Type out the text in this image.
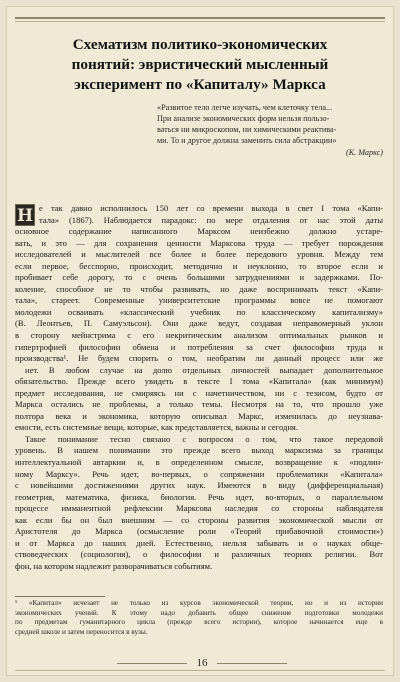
Схематизм политико-экономических
понятий: эвристический мысленный
эксперимент по «Капиталу» Маркса
«Развитое тело легче изучать, чем клеточку тела...
При анализе экономических форм нельзя пользо-
ваться ни микроскопом, ни химическими реактива-
ми. То и другое должна заменить сила абстракции»
(К. Маркс)
Н е так давно исполнилось 150 лет со времени выхода в свет I тома «Капи-
тала» (1867). Наблюдается парадокс: по мере отдаления от нас этой даты
основное содержание написанного Марксом неизбежно должно устаре-
вать, и это — для сохранения ценности Марксова труда — требует порождения
исследователей и мыслителей все более и более передового уровня. Между тем
если первое, бесспорно, происходит, методично и неуклонно, то второе если и
пробивает себе дорогу, то с очень большими затруднениями и задержками. По-
коление, способное не то чтобы развивать, но даже воспринимать текст «Капи-
тала», стареет. Современные университетские программы вовсе не помогают
молодежи осваивать «классический учебник по классическому капитализму»
(В. Леонтьев, П. Самуэльсон). Они даже ведут, создавая неправомерный уклон
в сторону мейнстрима с его некритическим анализом оптимальных рынков и
гипертрофией философии обмена и потребления за счет философии труда и
производства¹. Не будем спорить о том, необратим ли данный процесс или же
нет. В любом случае на долю отдельных личностей выпадает дополнительное
обязательство. Прежде всего увидеть в тексте I тома «Капитала» (как минимум)
предмет исследования, не смиряясь ни с начетничеством, ни с тезисом, будто от
Маркса остались не проблемы, а только темы. Несмотря на то, что прошло уже
полтора века и экономика, которую описывал Маркс, изменилась до неузнава-
емости, есть системные вещи, которые, как представляется, важны и сегодня.
Такое понимание тесно связано с вопросом о том, что такое передовой
уровень. В нашем понимании это прежде всего выход марксизма за границы
интеллектуальной автаркии и, в определенном смысле, возвращение к «подлин-
ному Марксу». Речь идет, во-первых, о сопряжении проблематики «Капитала»
с новейшими достижениями других наук. Имеются в виду (дифференциальная)
геометрия, математика, физика, биология. Речь идет, во-вторых, о параллельном
процессе имманентной рефлексии Марксова наследия со стороны наблюдателя
как если бы он был внешним — со стороны развития экономической мысли от
Аристотеля до Маркса (осмысление роли «Теорий прибавочной стоимости»)
и от Маркса до наших дней. Естественно, нельзя забывать и о науках обще-
ствоведческих (социология), о философии и различных теориях религии. Вот
фон, на котором надлежит разворачиваться событиям.
¹ «Капитал» исчезает не только из курсов экономической теории, но и из истории
экономических учений. К этому надо добавить общее снижение подготовки молодежи
по предметам гуманитарного цикла (прежде всего истории), которое начинается еще в
средней школе и затем переносится в вузы.
16
